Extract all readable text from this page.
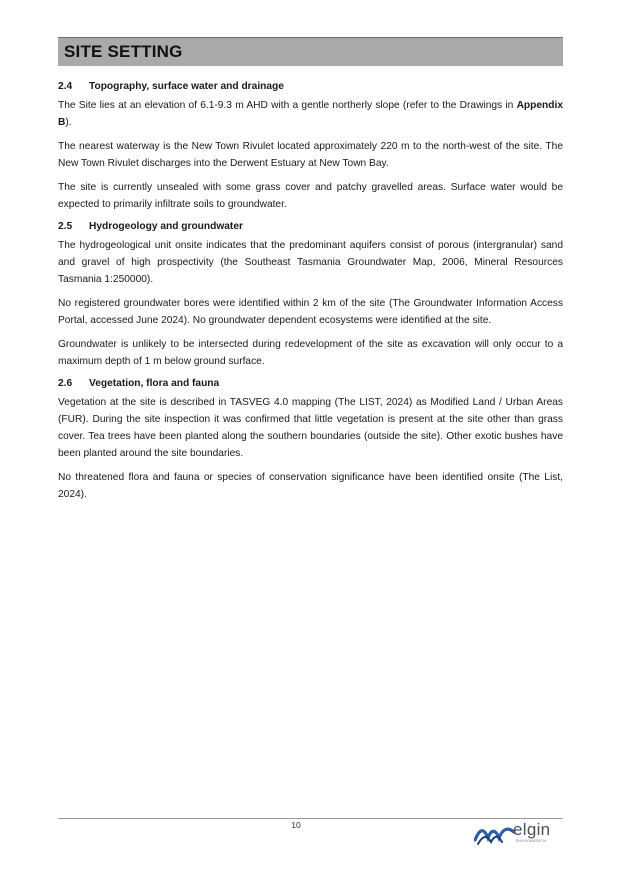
SITE SETTING
2.4	Topography, surface water and drainage

The Site lies at an elevation of 6.1-9.3 m AHD with a gentle northerly slope (refer to the Drawings in Appendix B).

The nearest waterway is the New Town Rivulet located approximately 220 m to the north-west of the site. The New Town Rivulet discharges into the Derwent Estuary at New Town Bay.

The site is currently unsealed with some grass cover and patchy gravelled areas. Surface water would be expected to primarily infiltrate soils to groundwater.

2.5	Hydrogeology and groundwater

The hydrogeological unit onsite indicates that the predominant aquifers consist of porous (intergranular) sand and gravel of high prospectivity (the Southeast Tasmania Groundwater Map, 2006, Mineral Resources Tasmania 1:250000).

No registered groundwater bores were identified within 2 km of the site (The Groundwater Information Access Portal, accessed June 2024). No groundwater dependent ecosystems were identified at the site.

Groundwater is unlikely to be intersected during redevelopment of the site as excavation will only occur to a maximum depth of 1 m below ground surface.

2.6	Vegetation, flora and fauna

Vegetation at the site is described in TASVEG 4.0 mapping (The LIST, 2024) as Modified Land / Urban Areas (FUR). During the site inspection it was confirmed that little vegetation is present at the site other than grass cover. Tea trees have been planted along the southern boundaries (outside the site). Other exotic bushes have been planted around the site boundaries.

No threatened flora and fauna or species of conservation significance have been identified onsite (The List, 2024).

10	elgin
ENVIRONMENTAL
